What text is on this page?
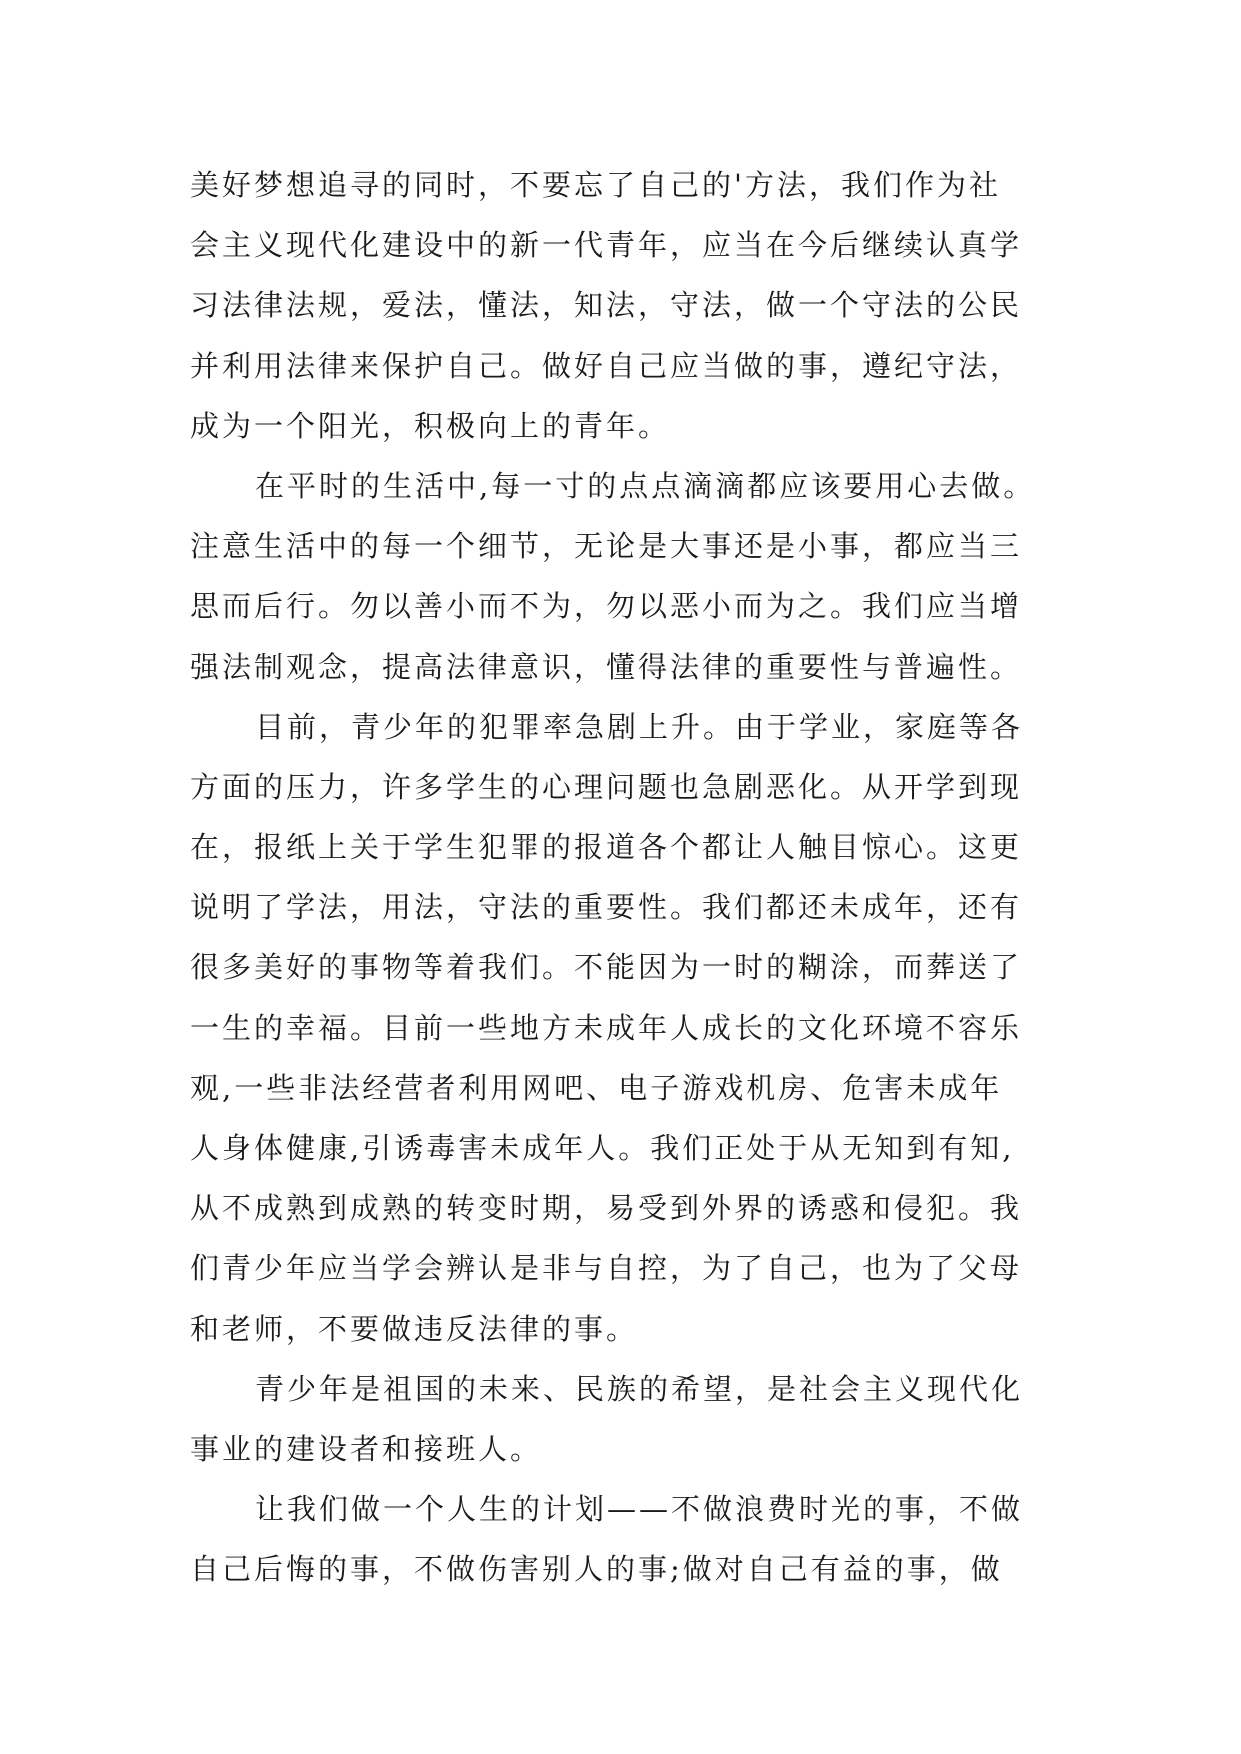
美好梦想追寻的同时，不要忘了自己的'方法，我们作为社
会主义现代化建设中的新一代青年，应当在今后继续认真学
习法律法规，爱法，懂法，知法，守法，做一个守法的公民
并利用法律来保护自己。做好自己应当做的事，遵纪守法，
成为一个阳光，积极向上的青年。
在平时的生活中,每一寸的点点滴滴都应该要用心去做。
注意生活中的每一个细节，无论是大事还是小事，都应当三
思而后行。勿以善小而不为，勿以恶小而为之。我们应当增
强法制观念，提高法律意识，懂得法律的重要性与普遍性。
目前，青少年的犯罪率急剧上升。由于学业，家庭等各
方面的压力，许多学生的心理问题也急剧恶化。从开学到现
在，报纸上关于学生犯罪的报道各个都让人触目惊心。这更
说明了学法，用法，守法的重要性。我们都还未成年，还有
很多美好的事物等着我们。不能因为一时的糊涂，而葬送了
一生的幸福。目前一些地方未成年人成长的文化环境不容乐
观,一些非法经营者利用网吧、电子游戏机房、危害未成年
人身体健康,引诱毒害未成年人。我们正处于从无知到有知,
从不成熟到成熟的转变时期，易受到外界的诱惑和侵犯。我
们青少年应当学会辨认是非与自控，为了自己，也为了父母
和老师，不要做违反法律的事。
青少年是祖国的未来、民族的希望，是社会主义现代化
事业的建设者和接班人。
让我们做一个人生的计划——不做浪费时光的事，不做
自己后悔的事，不做伤害别人的事;做对自己有益的事，做
